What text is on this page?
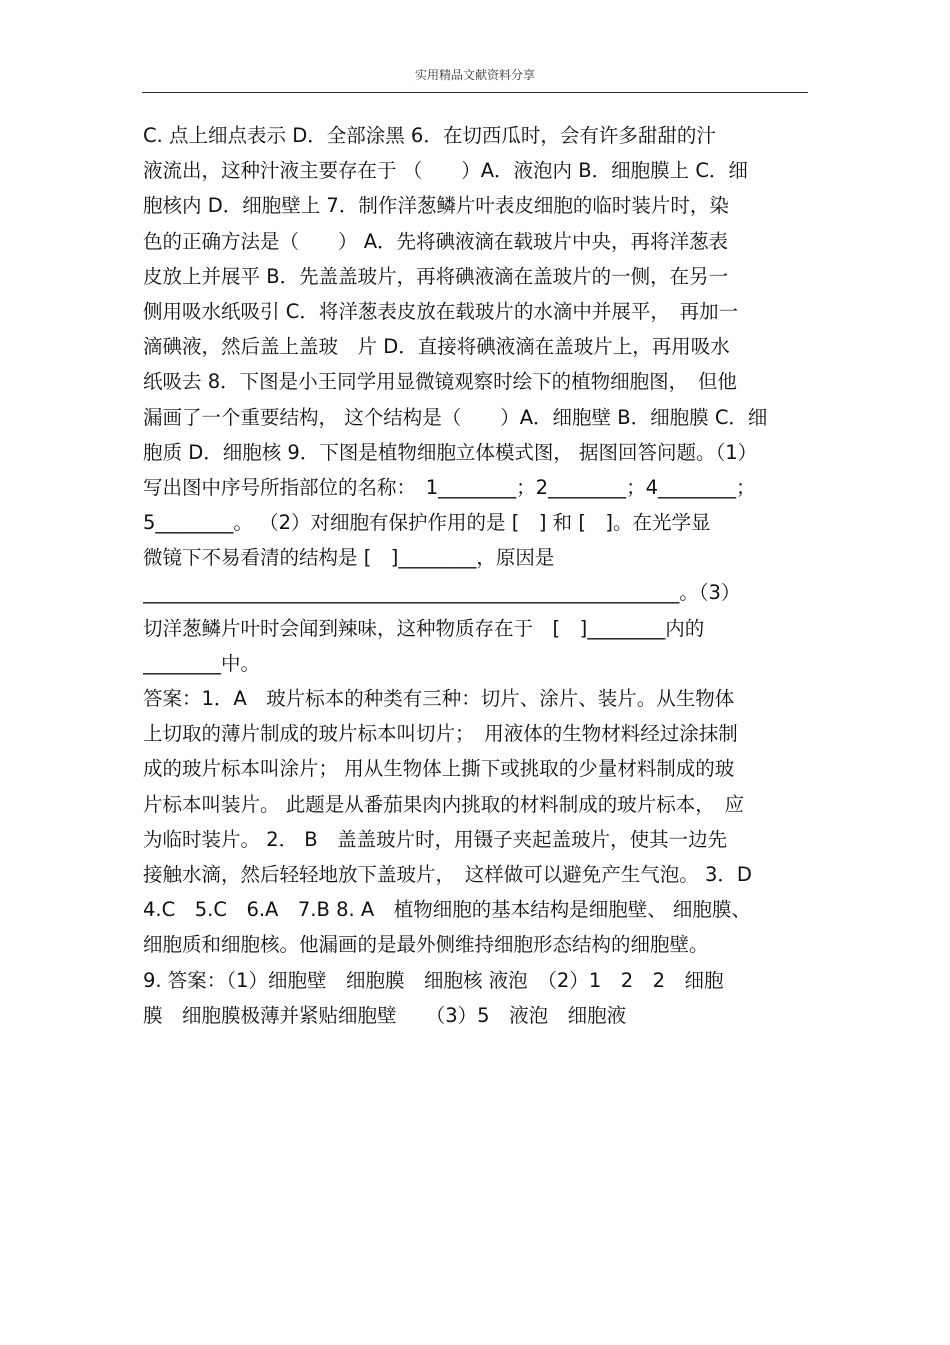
实用精品文献资料分享
C. 点上细点表示 D．全部涂黑 6．在切西瓜时，会有许多甜甜的汁
液流出，这种汁液主要存在于 （　　）A．液泡内 B．细胞膜上 C．细
胞核内 D．细胞壁上 7．制作洋葱鳞片叶表皮细胞的临时装片时，染
色的正确方法是（　　） A．先将碘液滴在载玻片中央，再将洋葱表
皮放上并展平 B．先盖盖玻片，再将碘液滴在盖玻片的一侧，在另一
侧用吸水纸吸引 C．将洋葱表皮放在载玻片的水滴中并展平，　再加一
滴碘液，然后盖上盖玻　片 D．直接将碘液滴在盖玻片上，再用吸水
纸吸去 8．下图是小王同学用显微镜观察时绘下的植物细胞图，　但他
漏画了一个重要结构， 这个结构是（　　）A．细胞壁 B．细胞膜 C．细
胞质 D．细胞核 9．下图是植物细胞立体模式图， 据图回答问题。（1）
写出图中序号所指部位的名称：　1________；2________；4________；
5________。 （2）对细胞有保护作用的是 [　] 和 [　]。在光学显
微镜下不易看清的结构是 [　]________，原因是
_______________________________________________________。（3）
切洋葱鳞片叶时会闻到辣味，这种物质存在于　[　]________内的
________中。
答案：1．A　玻片标本的种类有三种：切片、涂片、装片。从生物体
上切取的薄片制成的玻片标本叫切片；　用液体的生物材料经过涂抹制
成的玻片标本叫涂片； 用从生物体上撕下或挑取的少量材料制成的玻
片标本叫装片。 此题是从番茄果肉内挑取的材料制成的玻片标本，　应
为临时装片。 2． B　盖盖玻片时，用镊子夹起盖玻片，使其一边先
接触水滴，然后轻轻地放下盖玻片，　这样做可以避免产生气泡。 3．D
4.C　5.C　6.A　7.B 8. A　植物细胞的基本结构是细胞壁、 细胞膜、
细胞质和细胞核。他漏画的是最外侧维持细胞形态结构的细胞壁。
9. 答案：（1）细胞壁　细胞膜　细胞核 液泡　（2）1　2　2　细胞
膜　细胞膜极薄并紧贴细胞壁　　（3）5　液泡　细胞液
